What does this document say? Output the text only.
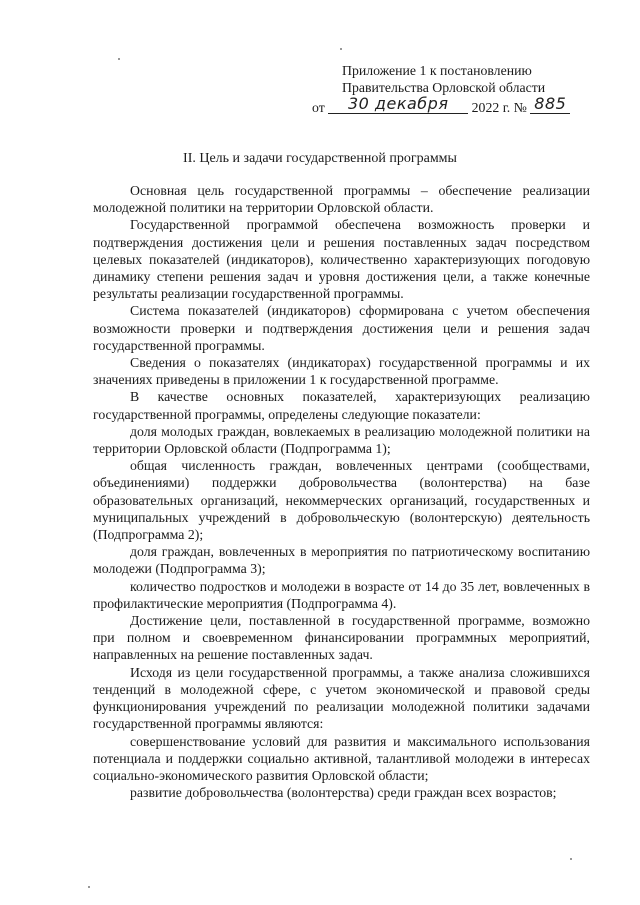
Приложение 1 к постановлению
Правительства Орловской области
от 30 декабря 2022 г. № 885
II. Цель и задачи государственной программы

Основная цель государственной программы – обеспечение реализации молодежной политики на территории Орловской области.

Государственной программой обеспечена возможность проверки и подтверждения достижения цели и решения поставленных задач посредством целевых показателей (индикаторов), количественно характеризующих погодовую динамику степени решения задач и уровня достижения цели, а также конечные результаты реализации государственной программы.

Система показателей (индикаторов) сформирована с учетом обеспечения возможности проверки и подтверждения достижения цели и решения задач государственной программы.

Сведения о показателях (индикаторах) государственной программы и их значениях приведены в приложении 1 к государственной программе.

В качестве основных показателей, характеризующих реализацию государственной программы, определены следующие показатели:

доля молодых граждан, вовлекаемых в реализацию молодежной политики на территории Орловской области (Подпрограмма 1);

общая численность граждан, вовлеченных центрами (сообществами, объединениями) поддержки добровольчества (волонтерства) на базе образовательных организаций, некоммерческих организаций, государственных и муниципальных учреждений в добровольческую (волонтерскую) деятельность (Подпрограмма 2);

доля граждан, вовлеченных в мероприятия по патриотическому воспитанию молодежи (Подпрограмма 3);

количество подростков и молодежи в возрасте от 14 до 35 лет, вовлеченных в профилактические мероприятия (Подпрограмма 4).

Достижение цели, поставленной в государственной программе, возможно при полном и своевременном финансировании программных мероприятий, направленных на решение поставленных задач.

Исходя из цели государственной программы, а также анализа сложившихся тенденций в молодежной сфере, с учетом экономической и правовой среды функционирования учреждений по реализации молодежной политики задачами государственной программы являются:

совершенствование условий для развития и максимального использования потенциала и поддержки социально активной, талантливой молодежи в интересах социально-экономического развития Орловской области;

развитие добровольчества (волонтерства) среди граждан всех возрастов;
